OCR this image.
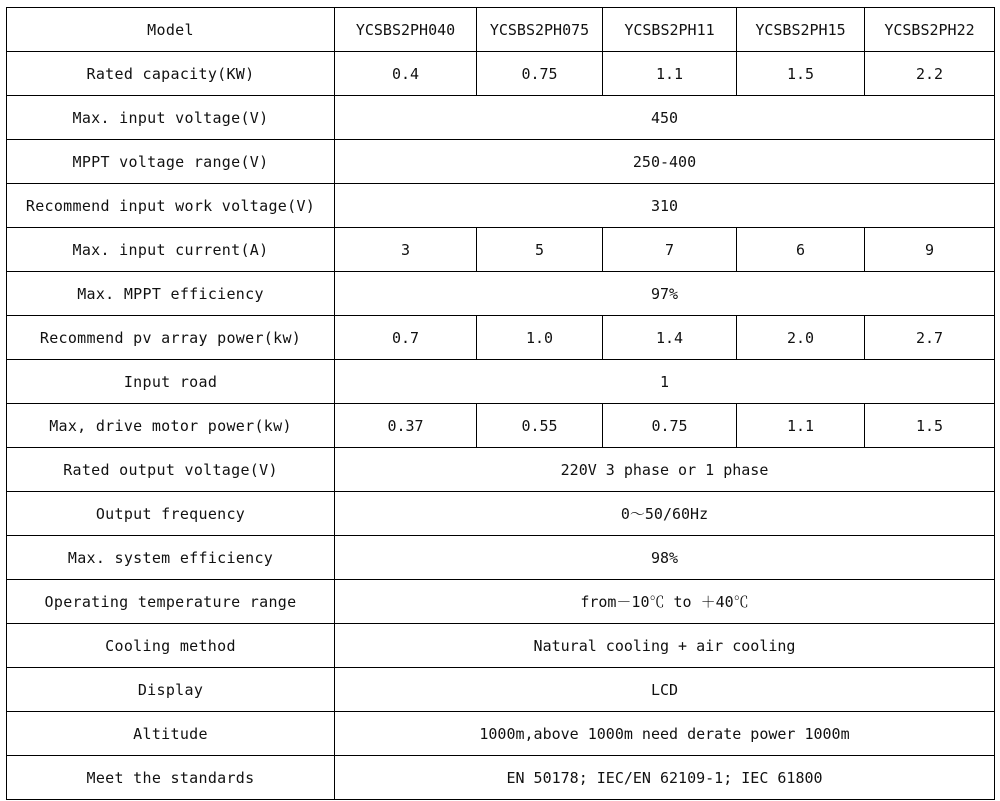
Model	YCSBS2PH040	YCSBS2PH075	YCSBS2PH11	YCSBS2PH15	YCSBS2PH22
Rated capacity(KW)	0.4	0.75	1.1	1.5	2.2
Max. input voltage(V)	450				
MPPT voltage range(V)	250-400				
Recommend input work voltage(V)	310				
Max. input current(A)	3	5	7	6	9
Max. MPPT efficiency	97%				
Recommend pv array power(kw)	0.7	1.0	1.4	2.0	2.7
Input road	1				
Max, drive motor power(kw)	0.37	0.55	0.75	1.1	1.5
Rated output voltage(V)	220V 3 phase or 1 phase				
Output frequency	0～50/60Hz				
Max. system efficiency	98%				
Operating temperature range	from－10℃ to ＋40℃				
Cooling method	Natural cooling + air cooling				
Display	LCD				
Altitude	1000m,above 1000m need derate power 1000m				
Meet the standards	EN 50178; IEC/EN 62109-1; IEC 61800				
